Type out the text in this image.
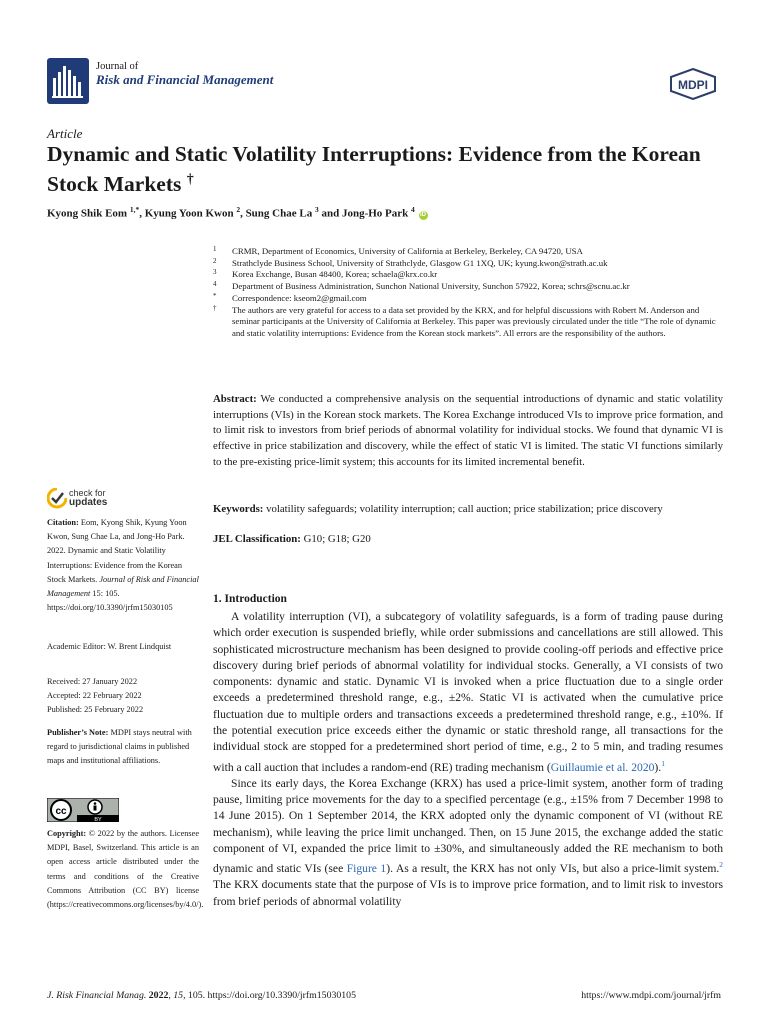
Journal of
Risk and Financial Management	MDPI
Article
Dynamic and Static Volatility Interruptions: Evidence from the Korean Stock Markets †
Kyong Shik Eom $^{1,*}$, Kyung Yoon Kwon $^2$, Sung Chae La $^3$ and Jong-Ho Park $^4$ iD
1 CRMR, Department of Economics, University of California at Berkeley, Berkeley, CA 94720, USA
2 Strathclyde Business School, University of Strathclyde, Glasgow G1 1XQ, UK; kyung.kwon@strath.ac.uk
3 Korea Exchange, Busan 48400, Korea; schaela@krx.co.kr
4 Department of Business Administration, Sunchon National University, Sunchon 57922, Korea; schrs@scnu.ac.kr
* Correspondence: kseom2@gmail.com
† The authors are very grateful for access to a data set provided by the KRX, and for helpful discussions with Robert M. Anderson and seminar participants at the University of California at Berkeley. This paper was previously circulated under the title “The role of dynamic and static volatility interruptions: Evidence from the Korean stock markets”. All errors are the responsibility of the authors.
Abstract: We conducted a comprehensive analysis on the sequential introductions of dynamic and static volatility interruptions (VIs) in the Korean stock markets. The Korea Exchange introduced VIs to improve price formation, and to limit risk to investors from brief periods of abnormal volatility for individual stocks. We found that dynamic VI is effective in price stabilization and discovery, while the effect of static VI is limited. The static VI functions similarly to the pre-existing price-limit system; this accounts for its limited incremental benefit.
Keywords: volatility safeguards; volatility interruption; call auction; price stabilization; price discovery
JEL Classification: G10; G18; G20
check for
updates
Citation: Eom, Kyong Shik, Kyung Yoon Kwon, Sung Chae La, and Jong-Ho Park. 2022. Dynamic and Static Volatility Interruptions: Evidence from the Korean Stock Markets. Journal of Risk and Financial Management 15: 105. https://doi.org/10.3390/jrfm15030105
Academic Editor: W. Brent Lindquist
Received: 27 January 2022
Accepted: 22 February 2022
Published: 25 February 2022
Publisher’s Note: MDPI stays neutral with regard to jurisdictional claims in published maps and institutional affiliations.
cc
BY
Copyright: © 2022 by the authors. Licensee MDPI, Basel, Switzerland. This article is an open access article distributed under the terms and conditions of the Creative Commons Attribution (CC BY) license (https://creativecommons.org/licenses/by/4.0/).
1. Introduction

A volatility interruption (VI), a subcategory of volatility safeguards, is a form of trading pause during which order execution is suspended briefly, while order submissions and cancellations are still allowed. This sophisticated microstructure mechanism has been designed to provide cooling-off periods and effective price discovery during brief periods of abnormal volatility for individual stocks. Generally, a VI consists of two components: dynamic and static. Dynamic VI is invoked when a price fluctuation due to a single order exceeds a predetermined threshold range, e.g., ±2%. Static VI is activated when the cumulative price fluctuation due to multiple orders and transactions exceeds a predetermined threshold range, e.g., ±10%. If the potential execution price exceeds either the dynamic or static threshold range, all transactions for the individual stock are stopped for a predetermined short period of time, e.g., 2 to 5 min, and trading resumes with a call auction that includes a random-end (RE) trading mechanism (Guillaumie et al. 2020).$^1$

Since its early days, the Korea Exchange (KRX) has used a price-limit system, another form of trading pause, limiting price movements for the day to a specified percentage (e.g., ±15% from 7 December 1998 to 14 June 2015). On 1 September 2014, the KRX adopted only the dynamic component of VI (without RE mechanism), while leaving the price limit unchanged. Then, on 15 June 2015, the exchange added the static component of VI, expanded the price limit to ±30%, and simultaneously added the RE mechanism to both dynamic and static VIs (see Figure 1). As a result, the KRX has not only VIs, but also a price-limit system.$^2$ The KRX documents state that the purpose of VIs is to improve price formation, and to limit risk to investors from brief periods of abnormal volatility

J. Risk Financial Manag. 2022, 15, 105. https://doi.org/10.3390/jrfm15030105	https://www.mdpi.com/journal/jrfm
